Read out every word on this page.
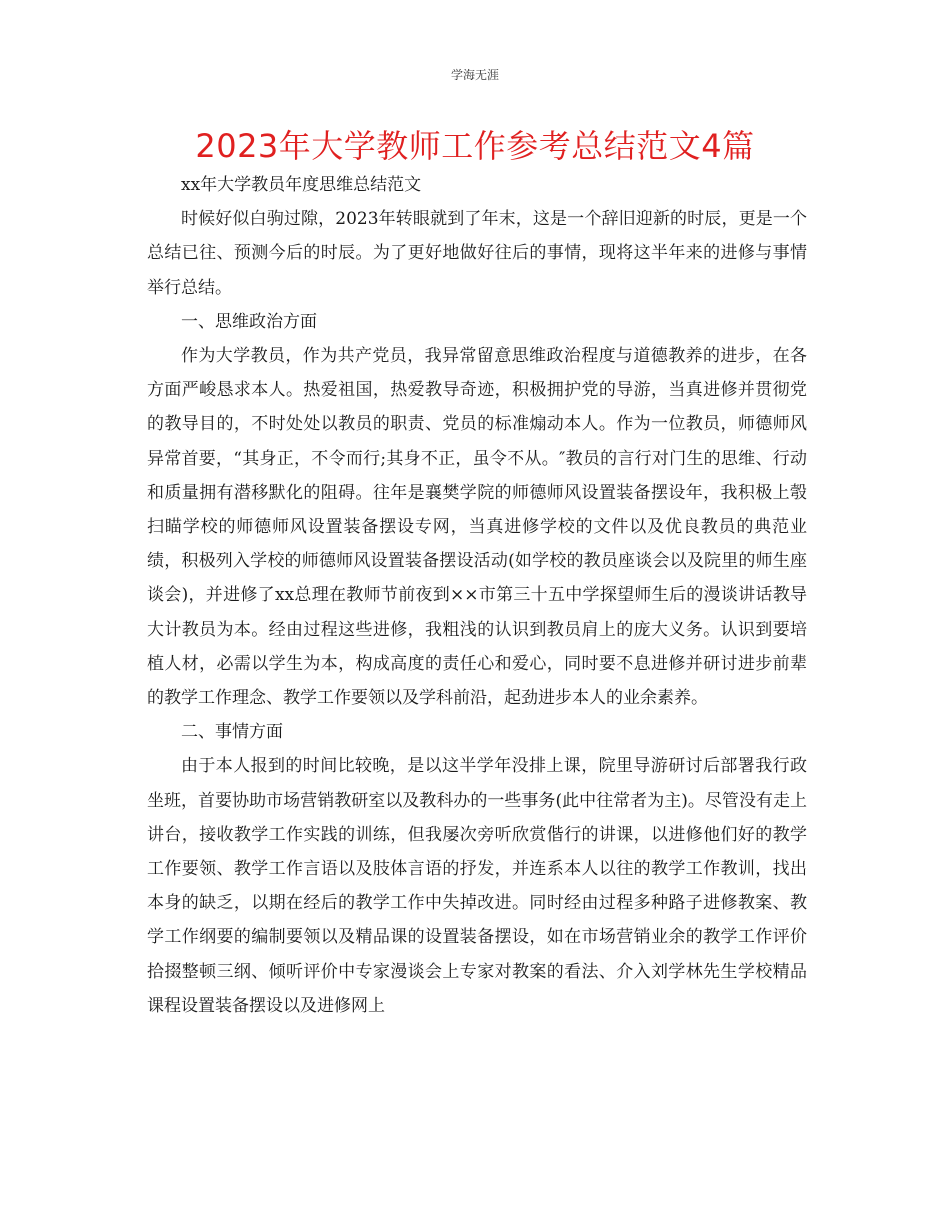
学海无涯
2023年大学教师工作参考总结范文4篇

xx年大学教员年度思维总结范文

时候好似白驹过隙，2023年转眼就到了年末，这是一个辞旧迎新的时辰，更是一个总结已往、预测今后的时辰。为了更好地做好往后的事情，现将这半年来的进修与事情举行总结。

一、思维政治方面

作为大学教员，作为共产党员，我异常留意思维政治程度与道德教养的进步，在各方面严峻恳求本人。热爱祖国，热爱教导奇迹，积极拥护党的导游，当真进修并贯彻党的教导目的，不时处处以教员的职责、党员的标准煽动本人。作为一位教员，师德师风异常首要，“其身正，不令而行;其身不正，虽令不从。″教员的言行对门生的思维、行动和质量拥有潜移默化的阻碍。往年是襄樊学院的师德师风设置装备摆设年，我积极上彀扫瞄学校的师德师风设置装备摆设专网，当真进修学校的文件以及优良教员的典范业绩，积极列入学校的师德师风设置装备摆设活动(如学校的教员座谈会以及院里的师生座谈会)，并进修了xx总理在教师节前夜到××市第三十五中学探望师生后的漫谈讲话教导大计教员为本。经由过程这些进修，我粗浅的认识到教员肩上的庞大义务。认识到要培植人材，必需以学生为本，构成高度的责任心和爱心，同时要不息进修并研讨进步前辈的教学工作理念、教学工作要领以及学科前沿，起劲进步本人的业余素养。

二、事情方面

由于本人报到的时间比较晚，是以这半学年没排上课，院里导游研讨后部署我行政坐班，首要协助市场营销教研室以及教科办的一些事务(此中往常者为主)。尽管没有走上讲台，接收教学工作实践的训练，但我屡次旁听欣赏偕行的讲课，以进修他们好的教学工作要领、教学工作言语以及肢体言语的抒发，并连系本人以往的教学工作教训，找出本身的缺乏，以期在经后的教学工作中失掉改进。同时经由过程多种路子进修教案、教学工作纲要的编制要领以及精品课的设置装备摆设，如在市场营销业余的教学工作评价拾掇整顿三纲、倾听评价中专家漫谈会上专家对教案的看法、介入刘学林先生学校精品课程设置装备摆设以及进修网上
